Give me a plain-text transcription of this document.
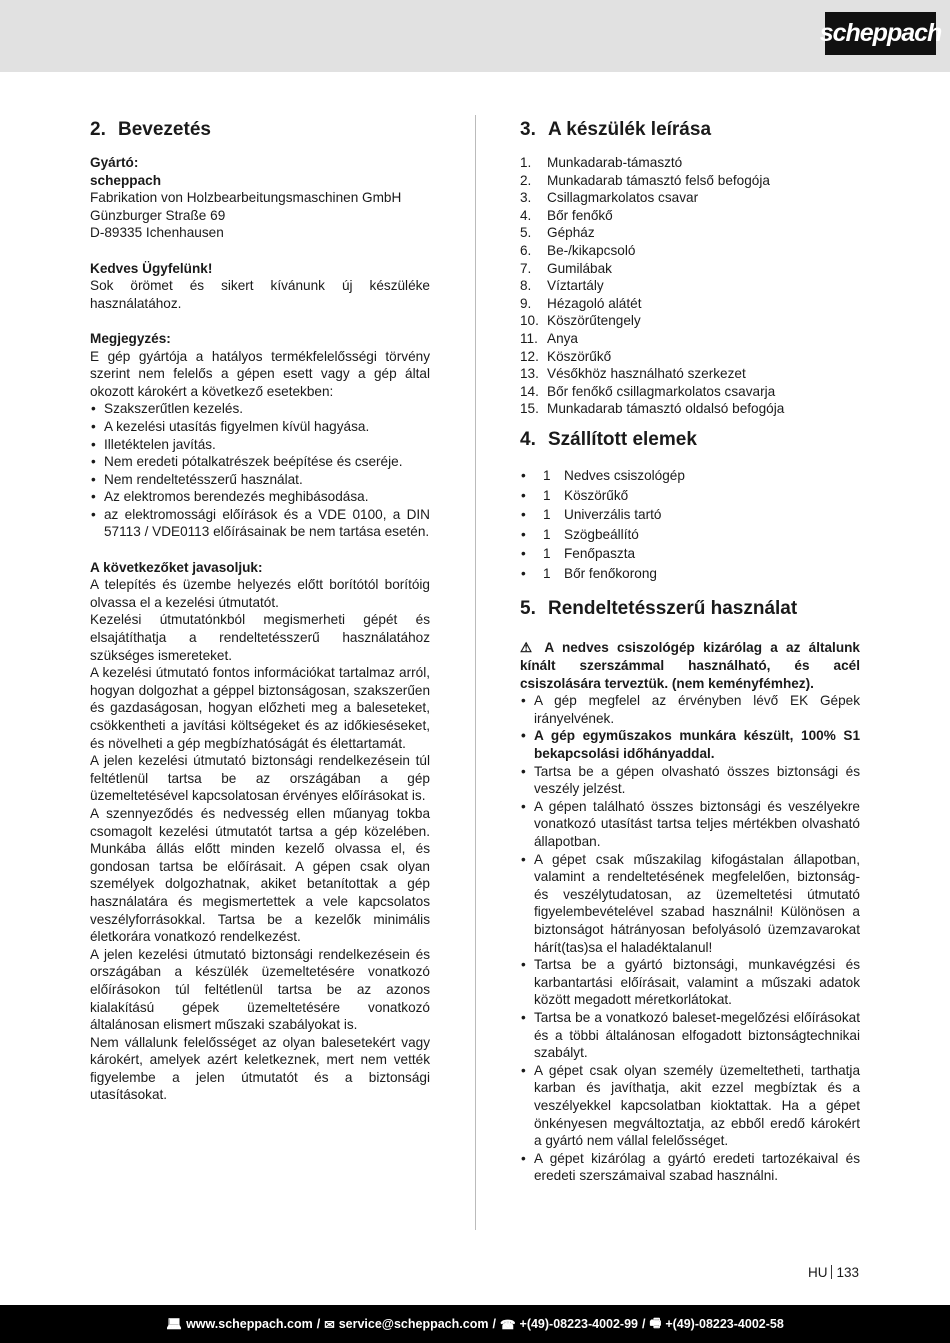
scheppach
2. Bevezetés
Gyártó:
scheppach
Fabrikation von Holzbearbeitungsmaschinen GmbH
Günzburger Straße 69
D-89335 Ichenhausen
Kedves Ügyfelünk!

Sok örömet és sikert kívánunk új készüléke használatához.

Megjegyzés:

E gép gyártója a hatályos termékfelelősségi törvény szerint nem felelős a gépen esett vagy a gép által okozott károkért a következő esetekben:

• Szakszerűtlen kezelés.
• A kezelési utasítás figyelmen kívül hagyása.
• Illetéktelen javítás.
• Nem eredeti pótalkatrészek beépítése és cseréje.
• Nem rendeltetésszerű használat.
• Az elektromos berendezés meghibásodása.
• az elektromossági előírások és a VDE 0100, a DIN 57113 / VDE0113 előírásainak be nem tartása esetén.
A következőket javasoljuk:

A telepítés és üzembe helyezés előtt borítótól borítóig olvassa el a kezelési útmutatót.

Kezelési útmutatónkból megismerheti gépét és elsajátíthatja a rendeltetésszerű használatához szükséges ismereteket.

A kezelési útmutató fontos információkat tartalmaz arról, hogyan dolgozhat a géppel biztonságosan, szakszerűen és gazdaságosan, hogyan előzheti meg a baleseteket, csökkentheti a javítási költségeket és az időkieséseket, és növelheti a gép megbízhatóságát és élettartamát.

A jelen kezelési útmutató biztonsági rendelkezésein túl feltétlenül tartsa be az országában a gép üzemeltetésével kapcsolatosan érvényes előírásokat is.

A szennyeződés és nedvesség ellen műanyag tokba csomagolt kezelési útmutatót tartsa a gép közelében. Munkába állás előtt minden kezelő olvassa el, és gondosan tartsa be előírásait. A gépen csak olyan személyek dolgozhatnak, akiket betanítottak a gép használatára és megismertettek a vele kapcsolatos veszélyforrásokkal. Tartsa be a kezelők minimális életkorára vonatkozó rendelkezést.

A jelen kezelési útmutató biztonsági rendelkezésein és országában a készülék üzemeltetésére vonatkozó előírásokon túl feltétlenül tartsa be az azonos kialakítású gépek üzemeltetésére vonatkozó általánosan elismert műszaki szabályokat is.

Nem vállalunk felelősséget az olyan balesetekért vagy károkért, amelyek azért keletkeznek, mert nem vették figyelembe a jelen útmutatót és a biztonsági utasításokat.

3. A készülék leírása
1.	Munkadarab-támasztó
2.	Munkadarab támasztó felső befogója
3.	Csillagmarkolatos csavar
4.	Bőr fenőkő
5.	Gépház
6.	Be-/kikapcsoló
7.	Gumilábak
8.	Víztartály
9.	Hézagoló alátét
10. Köszörűtengely
11. Anya
12. Köszörűkő
13. Vésőkhöz használható szerkezet
14. Bőr fenőkő csillagmarkolatos csavarja
15. Munkadarab támasztó oldalsó befogója
4. Szállított elemek
• 1 Nedves csiszológép
• 1 Köszörűkő
• 1 Univerzális tartó
• 1 Szögbeállító
• 1 Fenőpaszta
• 1 Bőr fenőkorong
5. Rendeltetésszerű használat

⚠ A nedves csiszológép kizárólag a az általunk kínált szerszámmal használható, és acél csiszolására terveztük. (nem keményfémhez).

• A gép megfelel az érvényben lévő EK Gépek irányelvének.
• A gép egyműszakos munkára készült, 100% S1 bekapcsolási időhányaddal.
• Tartsa be a gépen olvasható összes biztonsági és veszély jelzést.
• A gépen található összes biztonsági és veszélyekre vonatkozó utasítást tartsa teljes mértékben olvasható állapotban.
• A gépet csak műszakilag kifogástalan állapotban, valamint a rendeltetésének megfelelően, biztonság- és veszélytudatosan, az üzemeltetési útmutató figyelembevételével szabad használni! Különösen a biztonságot hátrányosan befolyásoló üzemzavarokat hárít(tas)sa el haladéktalanul!
• Tartsa be a gyártó biztonsági, munkavégzési és karbantartási előírásait, valamint a műszaki adatok között megadott méretkorlátokat.
• Tartsa be a vonatkozó baleset-megelőzési előírásokat és a többi általánosan elfogadott biztonságtechnikai szabályt.
• A gépet csak olyan személy üzemeltetheti, tarthatja karban és javíthatja, akit ezzel megbíztak és a veszélyekkel kapcsolatban kioktattak. Ha a gépet önkényesen megváltoztatja, az ebből eredő károkért a gyártó nem vállal felelősséget.
• A gépet kizárólag a gyártó eredeti tartozékaival és eredeti szerszámaival szabad használni.
HU 133
💻︎ www.scheppach.com / ✉︎ service@scheppach.com / ☎︎ +(49)-08223-4002-99 / 🖷︎ +(49)-08223-4002-58
